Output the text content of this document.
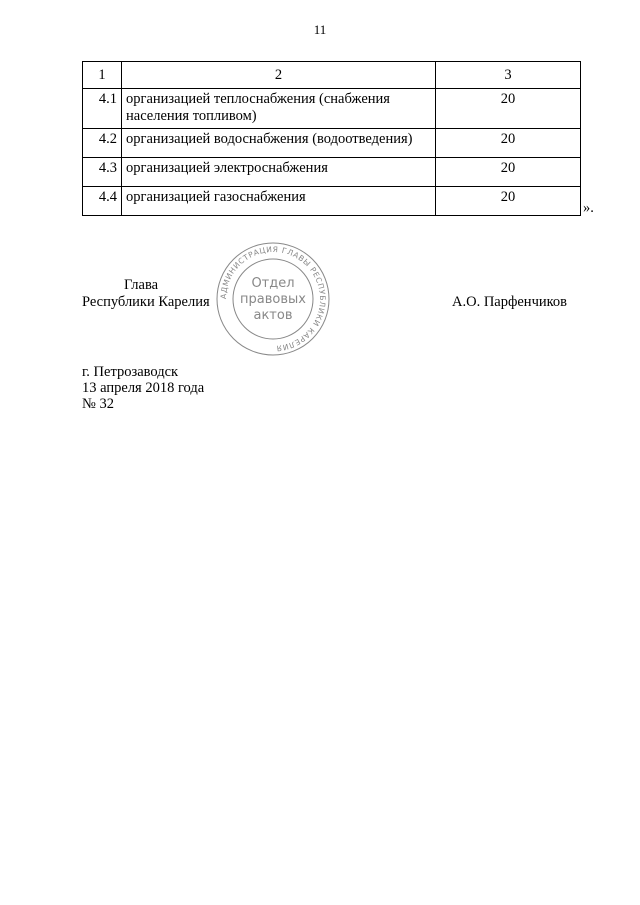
11
1	2	3
4.1	организацией теплоснабжения (снабжения населения топливом)	20
4.2	организацией водоснабжения (водоотведения)	20
4.3	организацией электроснабжения	20
4.4	организацией газоснабжения	20
».
Глава
Республики Карелия	А.О. Парфенчиков
АДМИНИСТРАЦИЯ ГЛАВЫ РЕСПУБЛИКИ КАРЕЛИЯ
Отдел
правовых
актов
г. Петрозаводск
13 апреля 2018 года
№ 32
